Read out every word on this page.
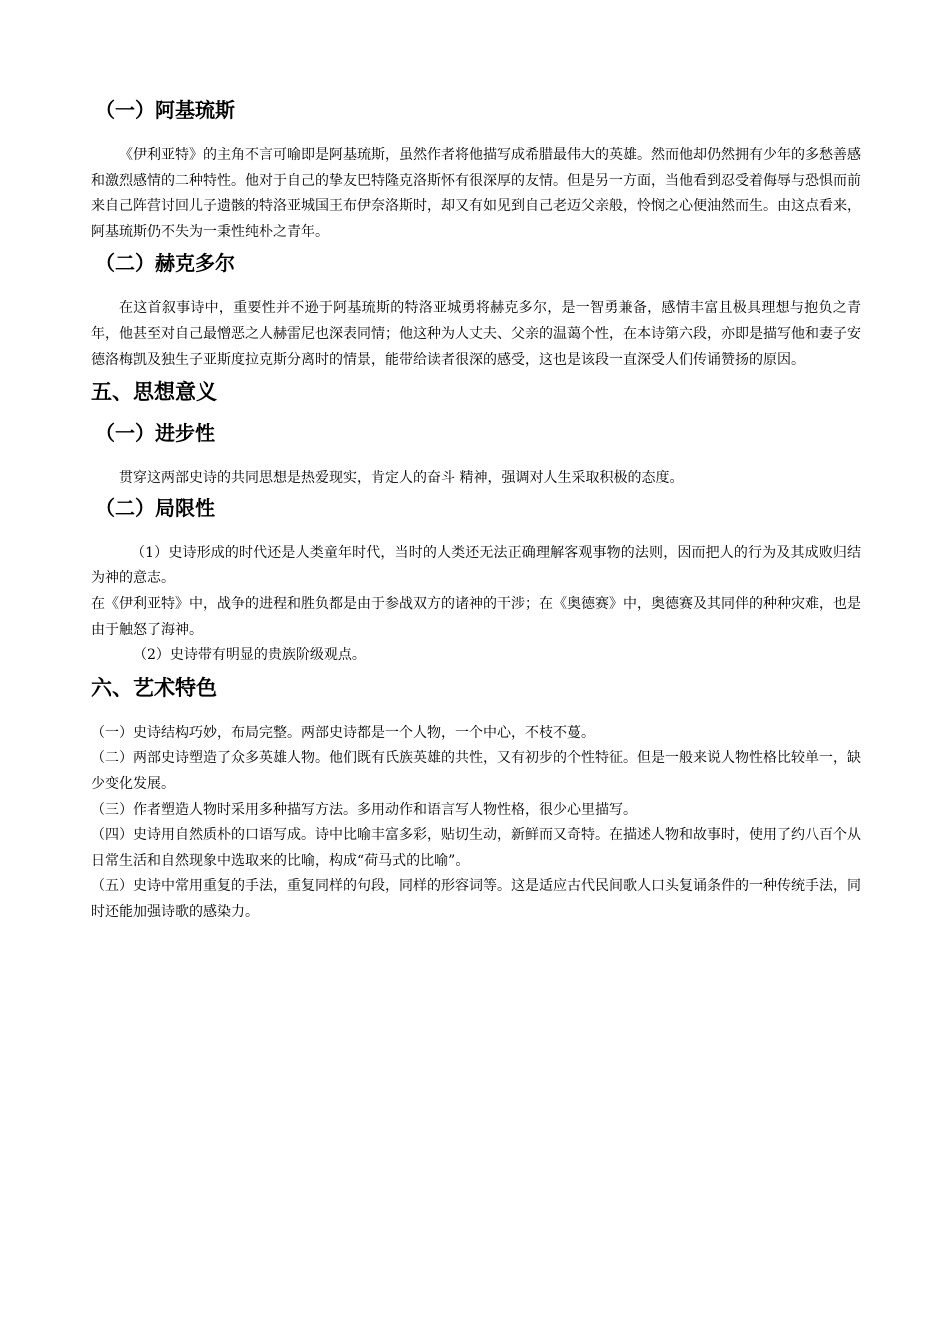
（一）阿基琉斯

《伊利亚特》的主角不言可喻即是阿基琉斯，虽然作者将他描写成希腊最伟大的英雄。然而他却仍然拥有少年的多愁善感和激烈感情的二种特性。他对于自己的挚友巴特隆克洛斯怀有很深厚的友情。但是另一方面，当他看到忍受着侮辱与恐惧而前来自己阵营讨回儿子遗骸的特洛亚城国王布伊奈洛斯时，却又有如见到自己老迈父亲般，怜悯之心便油然而生。由这点看来，阿基琉斯仍不失为一秉性纯朴之青年。

（二）赫克多尔

在这首叙事诗中，重要性并不逊于阿基琉斯的特洛亚城勇将赫克多尔，是一智勇兼备，感情丰富且极具理想与抱负之青年，他甚至对自己最憎恶之人赫雷尼也深表同情；他这种为人丈夫、父亲的温蔼个性，在本诗第六段，亦即是描写他和妻子安德洛梅凯及独生子亚斯度拉克斯分离时的情景，能带给读者很深的感受，这也是该段一直深受人们传诵赞扬的原因。

五、思想意义
（一）进步性

贯穿这两部史诗的共同思想是热爱现实，肯定人的奋斗 精神，强调对人生采取积极的态度。

（二）局限性

（1）史诗形成的时代还是人类童年时代，当时的人类还无法正确理解客观事物的法则，因而把人的行为及其成败归结为神的意志。

在《伊利亚特》中，战争的进程和胜负都是由于参战双方的诸神的干涉；在《奥德赛》中，奥德赛及其同伴的种种灾难，也是由于触怒了海神。

（2）史诗带有明显的贵族阶级观点。

六、艺术特色

（一）史诗结构巧妙，布局完整。两部史诗都是一个人物，一个中心，不枝不蔓。

（二）两部史诗塑造了众多英雄人物。他们既有氏族英雄的共性，又有初步的个性特征。但是一般来说人物性格比较单一，缺少变化发展。

（三）作者塑造人物时采用多种描写方法。多用动作和语言写人物性格，很少心里描写。

（四）史诗用自然质朴的口语写成。诗中比喻丰富多彩，贴切生动，新鲜而又奇特。在描述人物和故事时，使用了约八百个从日常生活和自然现象中选取来的比喻，构成“荷马式的比喻”。

（五）史诗中常用重复的手法，重复同样的句段，同样的形容词等。这是适应古代民间歌人口头复诵条件的一种传统手法，同时还能加强诗歌的感染力。
